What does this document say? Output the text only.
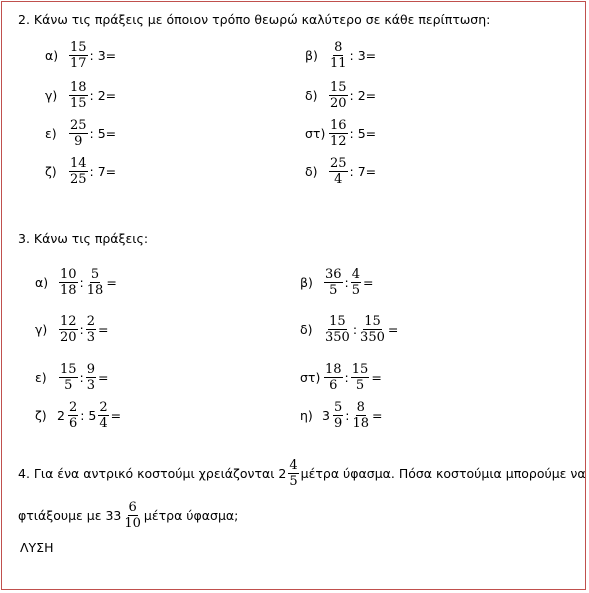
2. Κάνω τις πράξεις με όποιον τρόπο θεωρώ καλύτερο σε κάθε περίπτωση:
$\alpha) \frac{15}{17}$ : 3=	$\beta) \frac{8}{11}$ : 3=
$\gamma) \frac{18}{15}$ : 2=	$\delta) \frac{15}{20}$ : 2=
$\varepsilon) \frac{25}{9}$ : 5=	$\sigma\tau) \frac{16}{12}$ : 5=
$\zeta) \frac{14}{25}$ : 7=	$\delta) \frac{25}{4}$ : 7=
3. Κάνω τις πράξεις:
$\alpha) \frac{10}{18}$ : $\frac{5}{18}$ =	$\beta) \frac{36}{5}$ : $\frac{4}{5}$ =
$\gamma) \frac{12}{20}$ : $\frac{2}{3}$ =	$\delta) \frac{15}{350}$ : $\frac{15}{350}$ =
$\varepsilon) \frac{15}{5}$ : $\frac{9}{3}$ =	$\sigma\tau) \frac{18}{6}$ : $\frac{15}{5}$ =
ζ) $2 \frac{2}{6}$ : $5 \frac{2}{4}$ =	η) $3 \frac{5}{9}$ : $\frac{8}{18}$ =
4. Για ένα αντρικό κοστούμι χρειάζονται $2 \frac{4}{5}$ μέτρα ύφασμα. Πόσα κοστούμια μπορούμε να
φτιάξουμε με $33 \frac{6}{10}$ μέτρα ύφασμα;
ΛΥΣΗ
